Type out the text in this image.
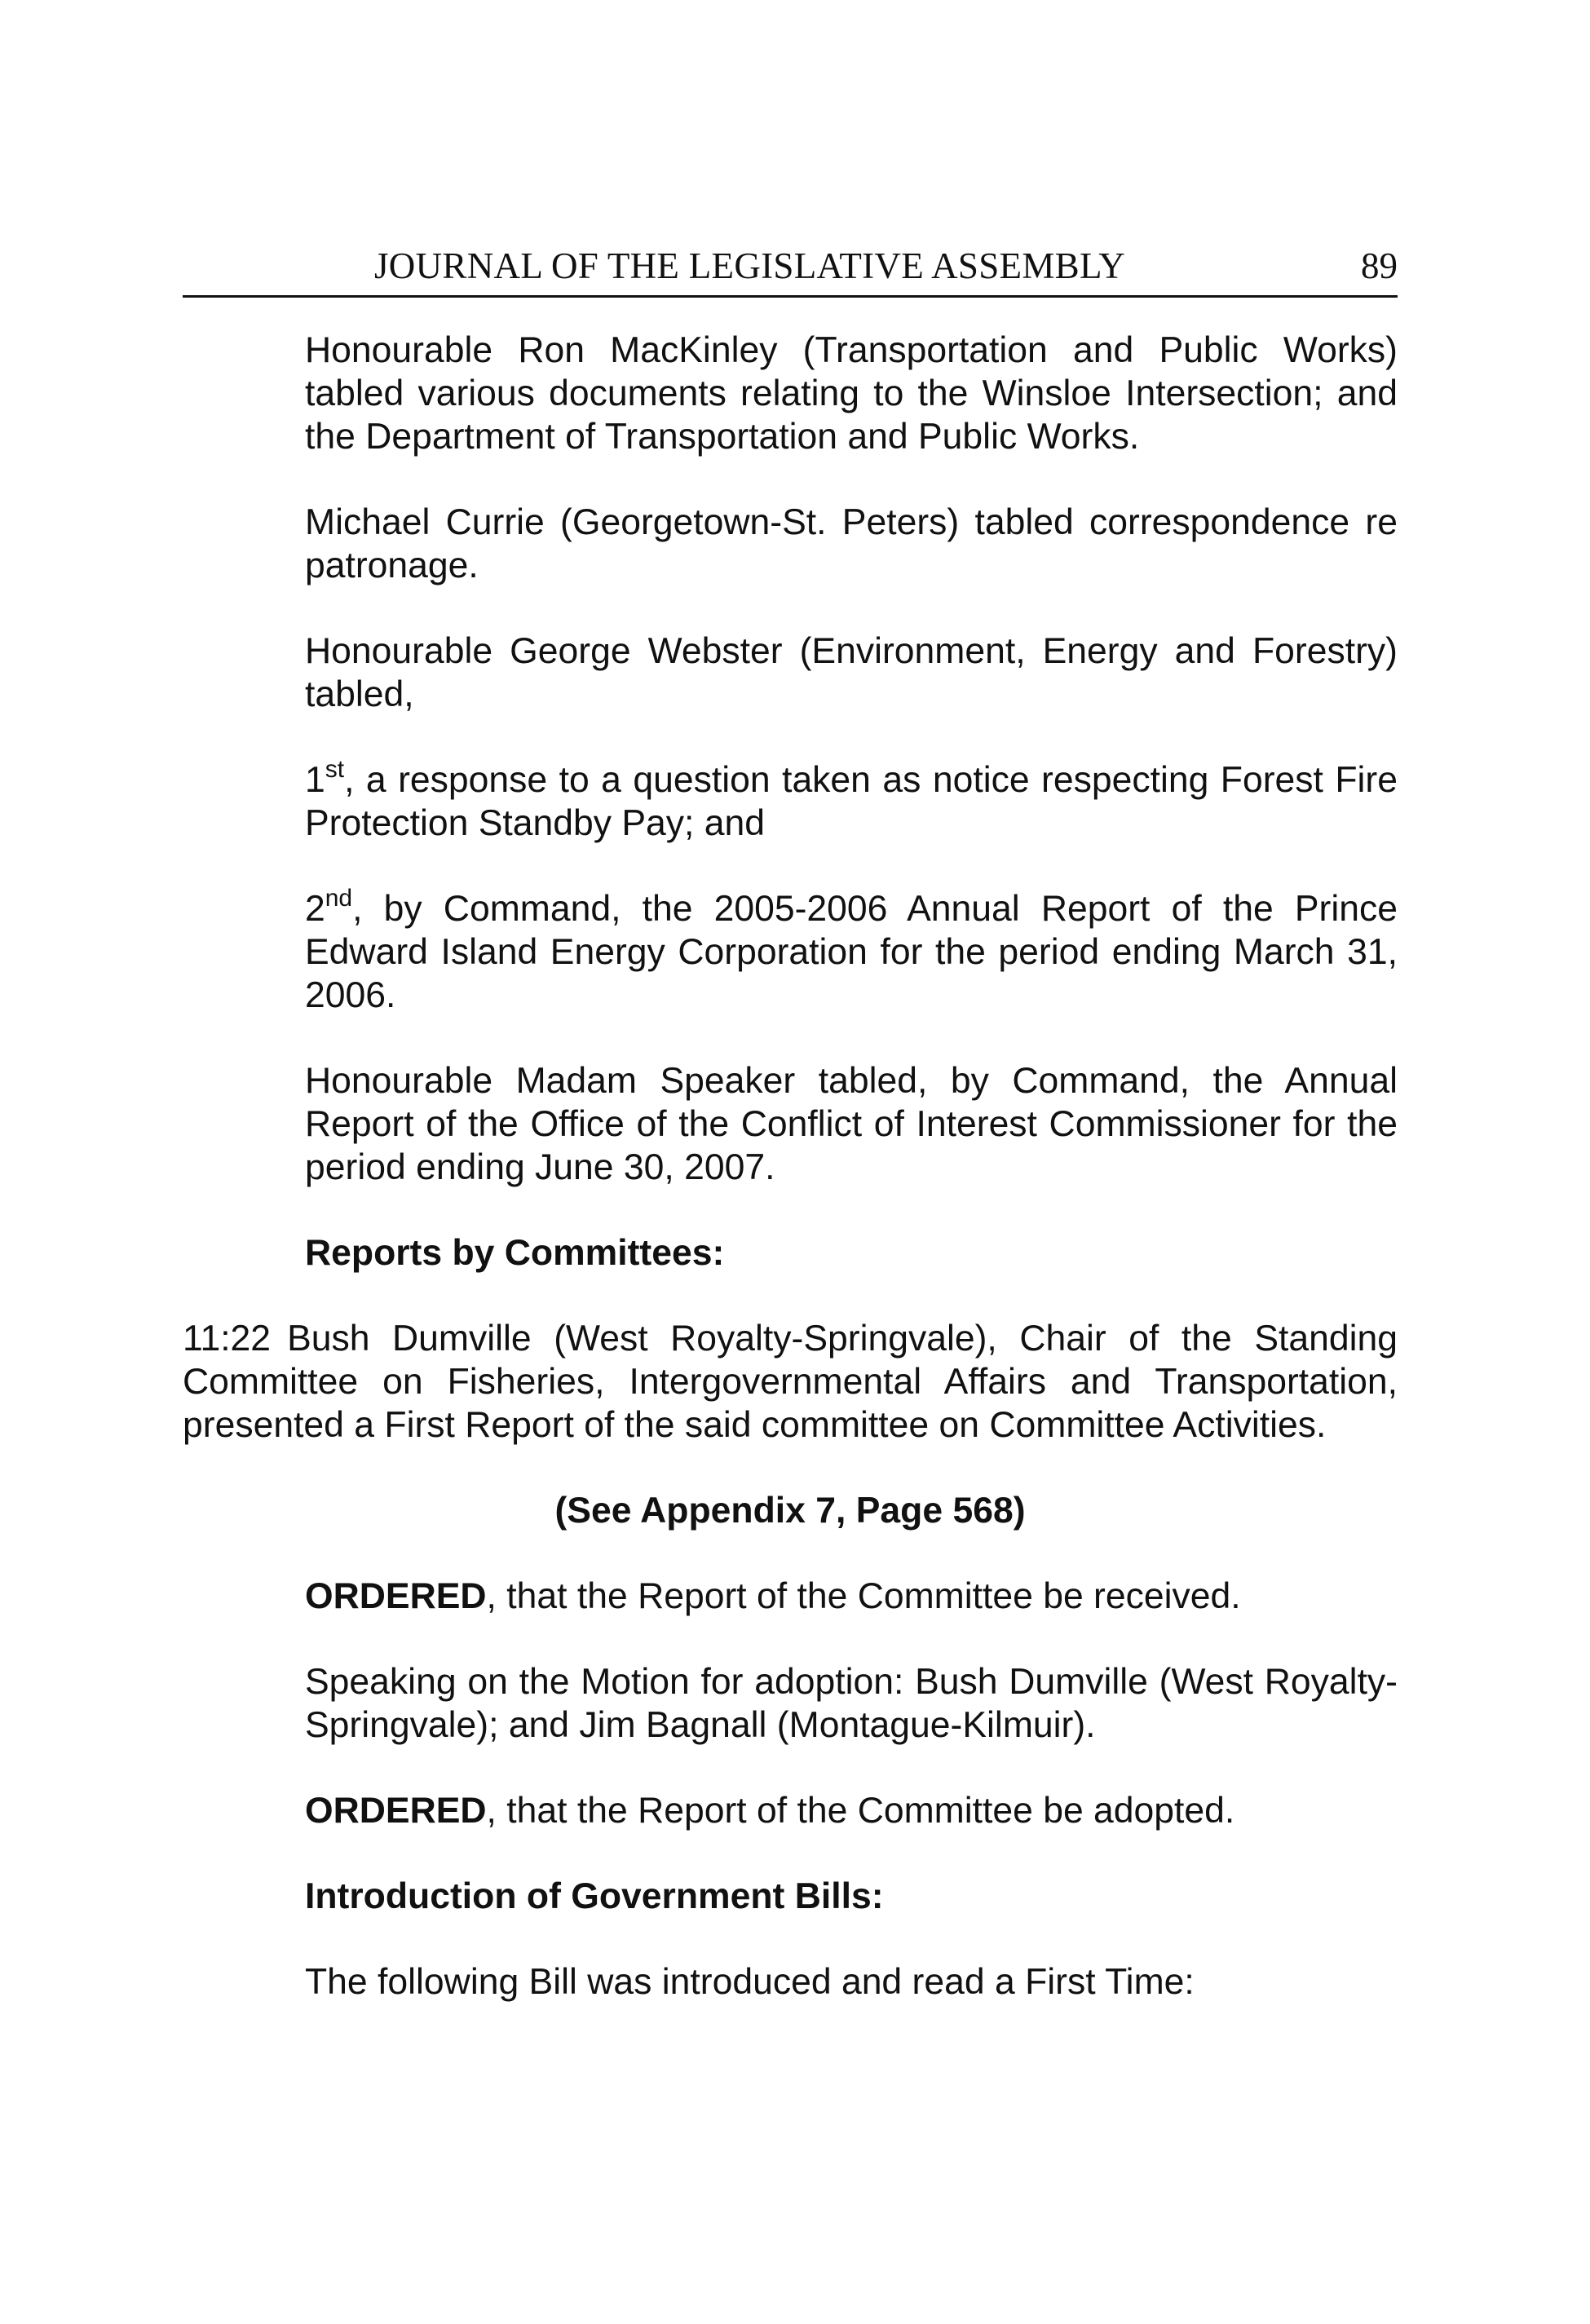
JOURNAL OF THE LEGISLATIVE ASSEMBLY	89

Honourable Ron MacKinley (Transportation and Public Works) tabled various documents relating to the Winsloe Intersection; and the Department of Transportation and Public Works.

Michael Currie (Georgetown-St. Peters) tabled correspondence re patronage.

Honourable George Webster (Environment, Energy and Forestry) tabled,

1st, a response to a question taken as notice respecting Forest Fire Protection Standby Pay; and

2nd, by Command, the 2005-2006 Annual Report of the Prince Edward Island Energy Corporation for the period ending March 31, 2006.

Honourable Madam Speaker tabled, by Command, the Annual Report of the Office of the Conflict of Interest Commissioner for the period ending June 30, 2007.

Reports by Committees:

11:22 Bush Dumville (West Royalty-Springvale), Chair of the Standing Committee on Fisheries, Intergovernmental Affairs and Transportation, presented a First Report of the said committee on Committee Activities.

(See Appendix 7, Page 568)

ORDERED, that the Report of the Committee be received.

Speaking on the Motion for adoption: Bush Dumville (West Royalty-Springvale); and Jim Bagnall (Montague-Kilmuir).

ORDERED, that the Report of the Committee be adopted.

Introduction of Government Bills:

The following Bill was introduced and read a First Time:
